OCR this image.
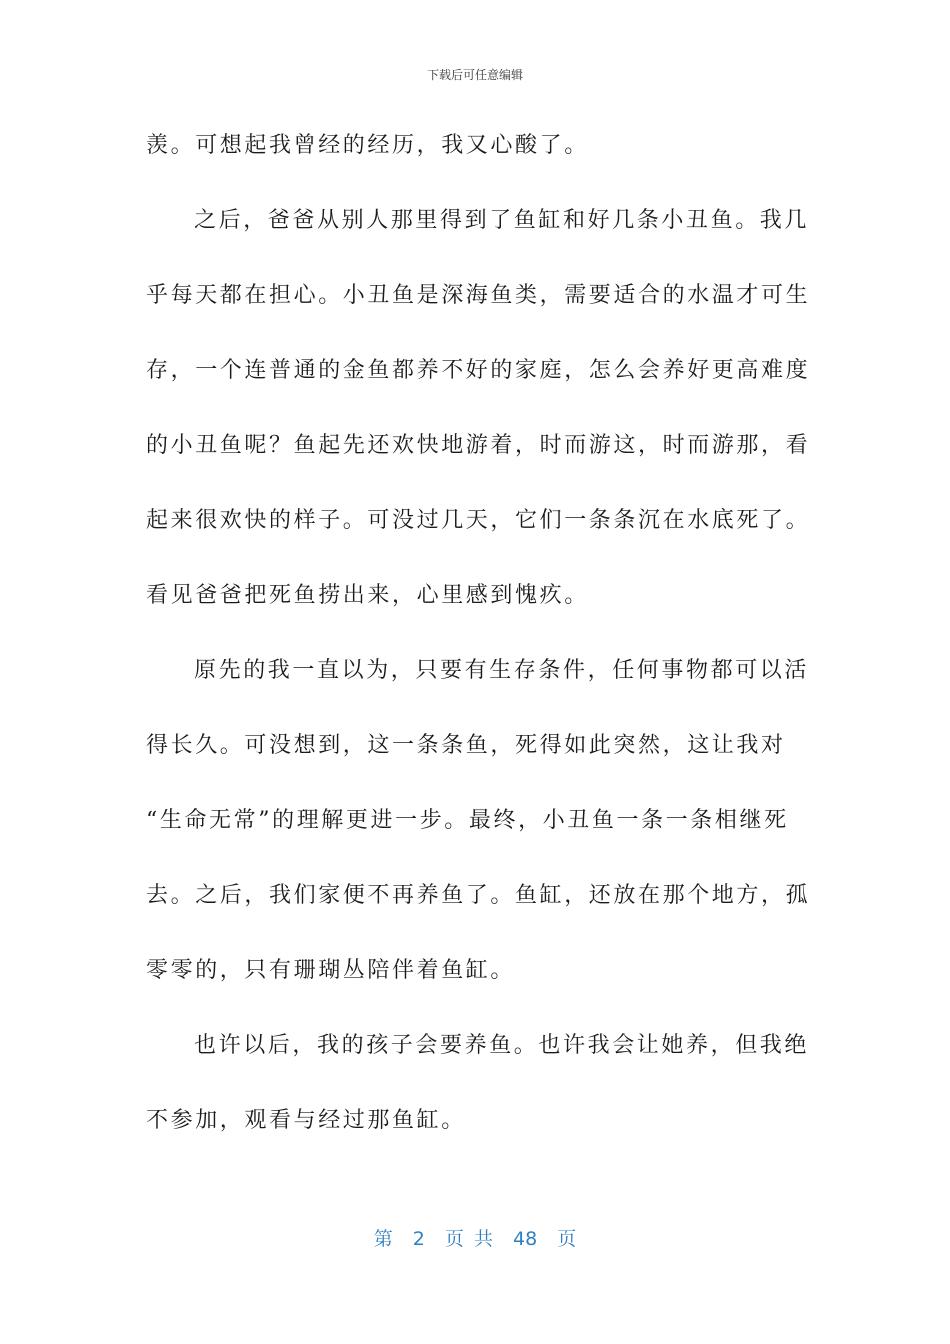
下载后可任意编辑
羡。可想起我曾经的经历，我又心酸了。
之后，爸爸从别人那里得到了鱼缸和好几条小丑鱼。我几
乎每天都在担心。小丑鱼是深海鱼类，需要适合的水温才可生
存，一个连普通的金鱼都养不好的家庭，怎么会养好更高难度
的小丑鱼呢？鱼起先还欢快地游着，时而游这，时而游那，看
起来很欢快的样子。可没过几天，它们一条条沉在水底死了。
看见爸爸把死鱼捞出来，心里感到愧疚。
原先的我一直以为，只要有生存条件，任何事物都可以活
得长久。可没想到，这一条条鱼，死得如此突然，这让我对
“生命无常”的理解更进一步。最终，小丑鱼一条一条相继死
去。之后，我们家便不再养鱼了。鱼缸，还放在那个地方，孤
零零的，只有珊瑚丛陪伴着鱼缸。
也许以后，我的孩子会要养鱼。也许我会让她养，但我绝
不参加，观看与经过那鱼缸。
第  2  页 共  48  页
